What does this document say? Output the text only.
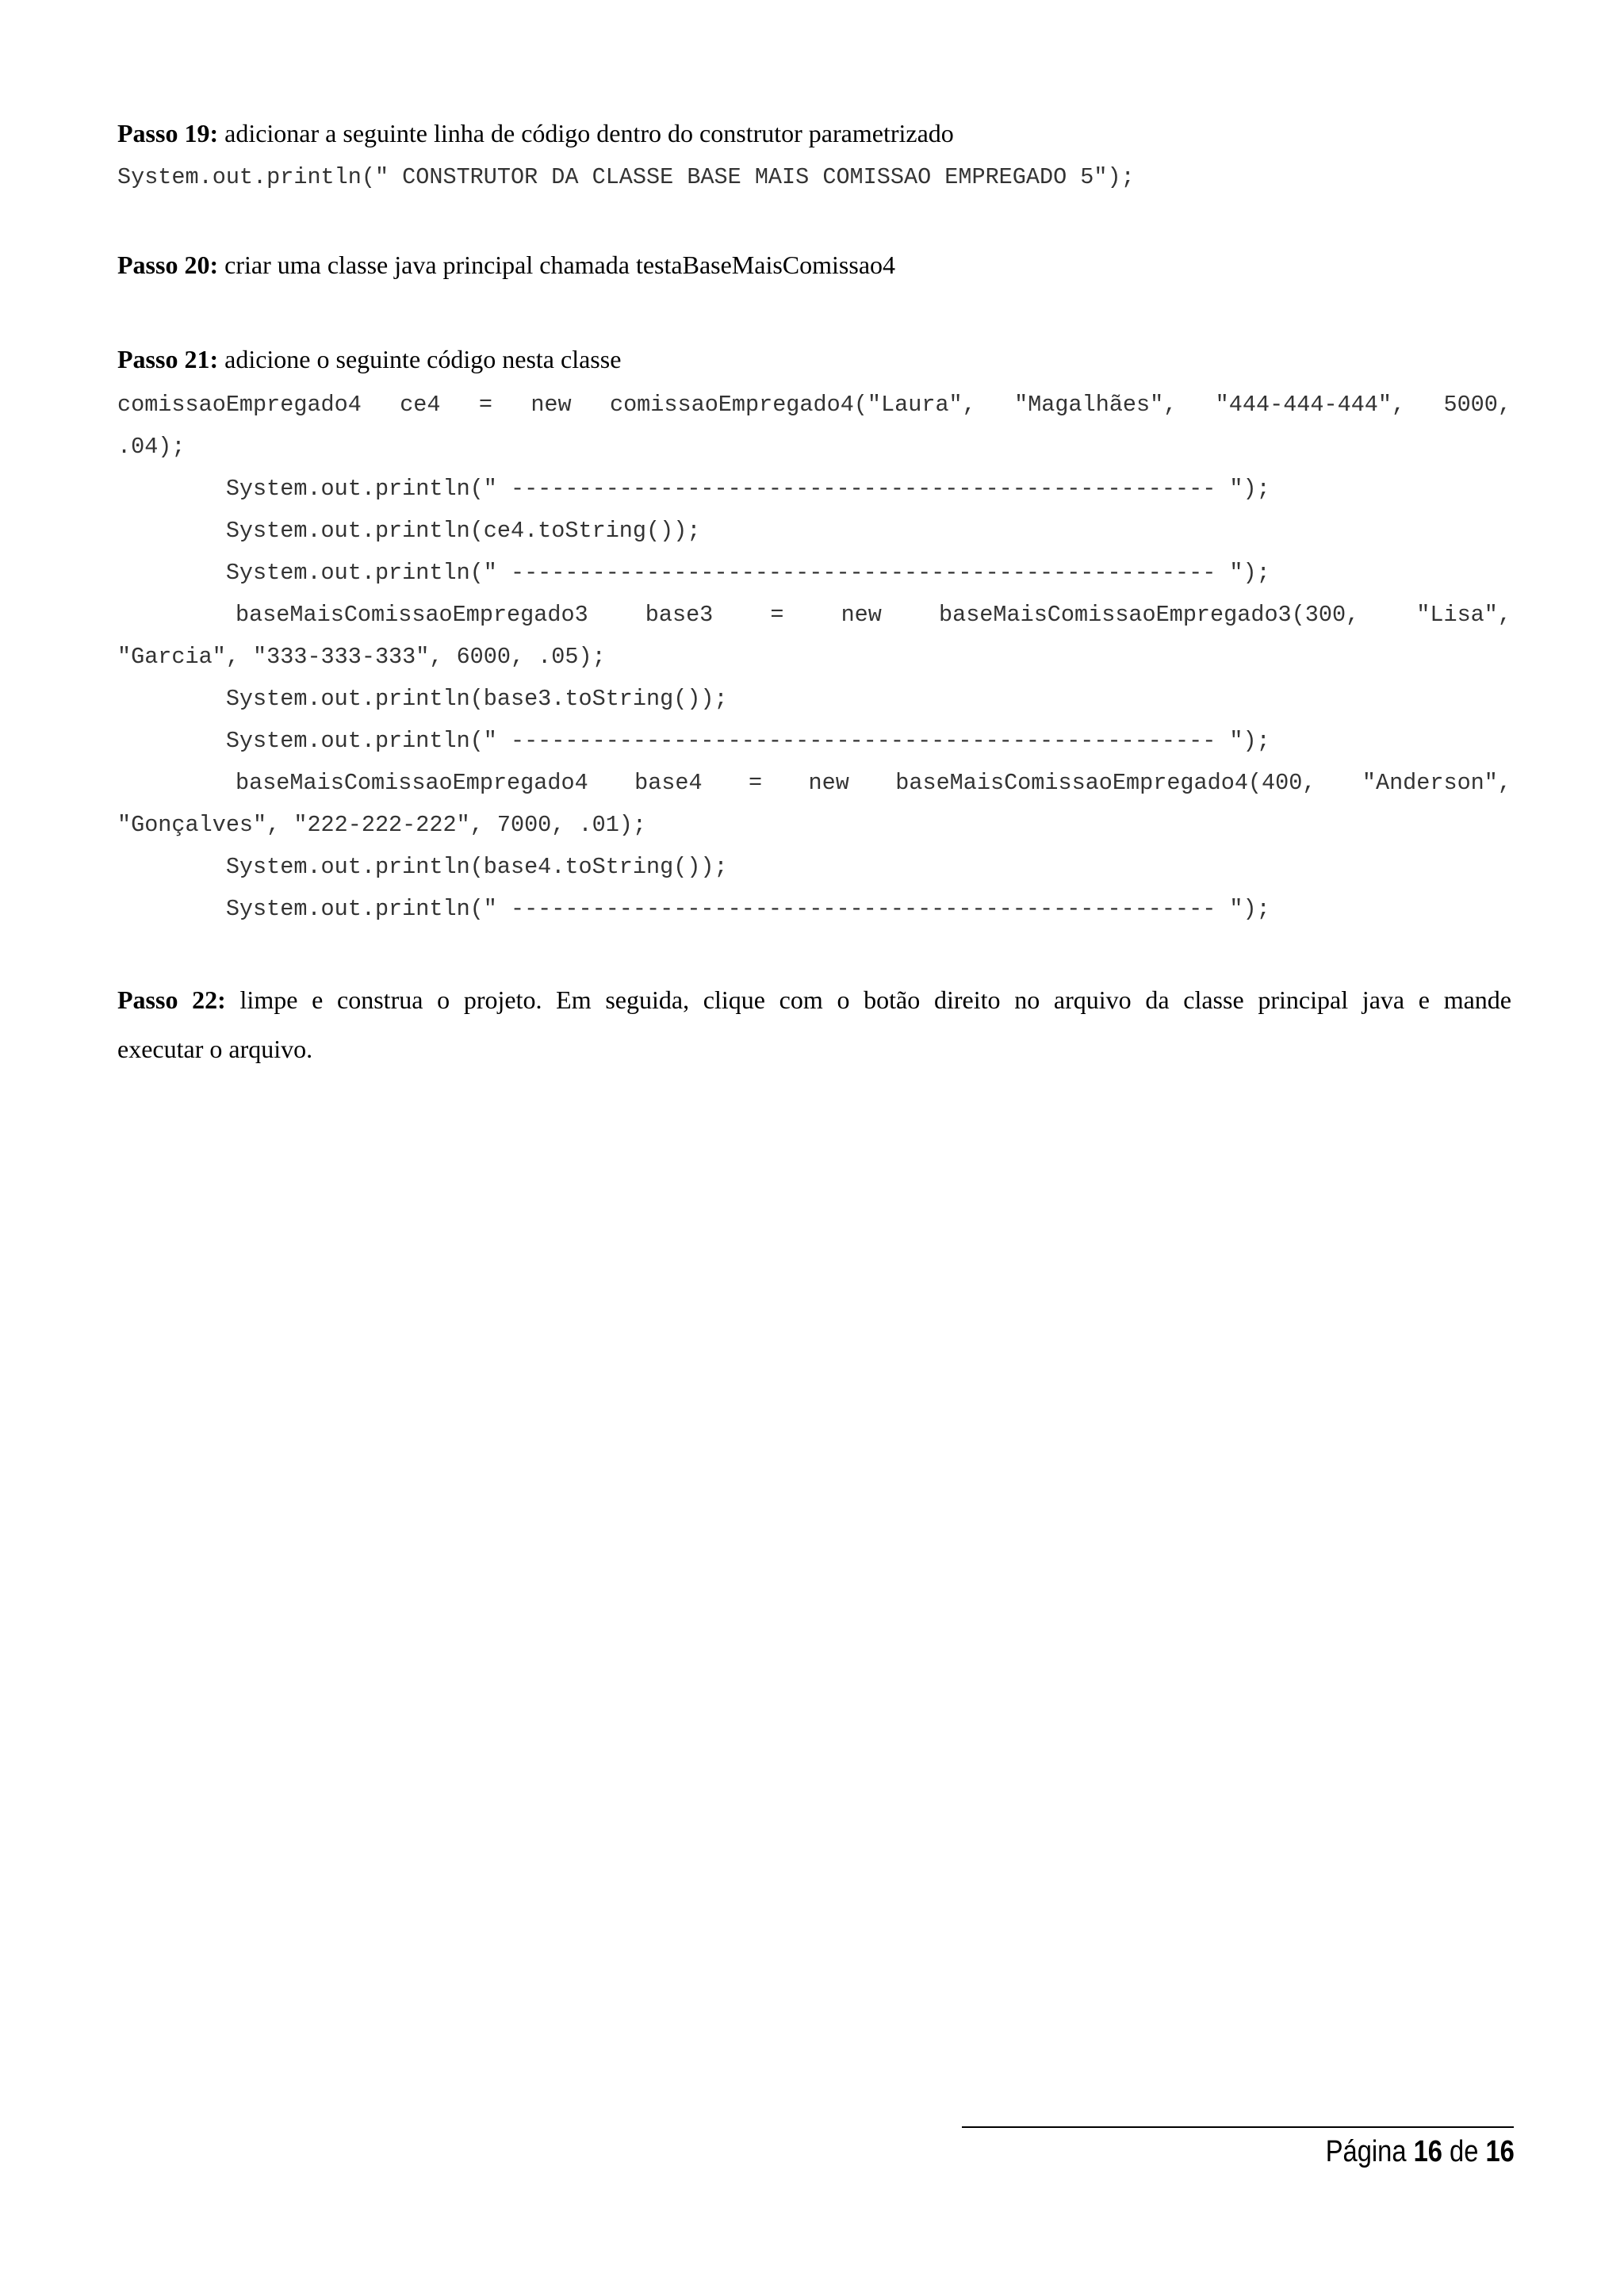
Passo 19: adicionar a seguinte linha de código dentro do construtor parametrizado
System.out.println(" CONSTRUTOR DA CLASSE BASE MAIS COMISSAO EMPREGADO 5");
Passo 20: criar uma classe java principal chamada testaBaseMaisComissao4
Passo 21: adicione o seguinte código nesta classe
comissaoEmpregado4 ce4 = new comissaoEmpregado4("Laura", "Magalhães", "444-444-444", 5000,
.04);
System.out.println(" ---------------------------------------------------- ");
System.out.println(ce4.toString());
System.out.println(" ---------------------------------------------------- ");
baseMaisComissaoEmpregado3 base3 = new baseMaisComissaoEmpregado3(300, "Lisa",
"Garcia", "333-333-333", 6000, .05);
System.out.println(base3.toString());
System.out.println(" ---------------------------------------------------- ");
baseMaisComissaoEmpregado4 base4 = new baseMaisComissaoEmpregado4(400, "Anderson",
"Gonçalves", "222-222-222", 7000, .01);
System.out.println(base4.toString());
System.out.println(" ---------------------------------------------------- ");
Passo 22: limpe e construa o projeto. Em seguida, clique com o botão direito no arquivo da classe principal java e mande
executar o arquivo.
Página 16 de 16
